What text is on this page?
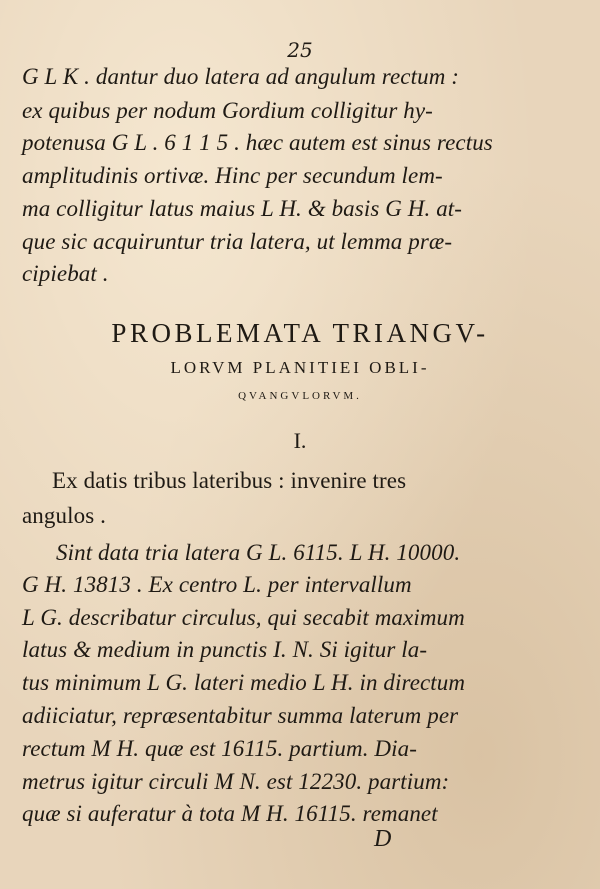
25
G L K . dantur duo latera ad angulum rectum :
ex quibus per nodum Gordium colligitur hy-
potenusa G L . 6 1 1 5 . hæc autem est sinus rectus
amplitudinis ortivæ. Hinc per secundum lem-
ma colligitur latus maius L H. & basis G H. at-
que sic acquiruntur tria latera, ut lemma præ-
cipiebat .
PROBLEMATA TRIANGV-
LORVM PLANITIEI OBLI-
QVANGVLORVM.
I.
Ex datis tribus lateribus : invenire tres
angulos .
Sint data tria latera G L. 6115. L H. 10000.
G H. 13813 . Ex centro L. per intervallum
L G. describatur circulus, qui secabit maximum
latus & medium in punctis I. N. Si igitur la-
tus minimum L G. lateri medio L H. in directum
adiiciatur, repræsentabitur summa laterum per
rectum M H. quæ est 16115. partium. Dia-
metrus igitur circuli M N. est 12230. partium:
quæ si auferatur à tota M H. 16115. remanet
D
